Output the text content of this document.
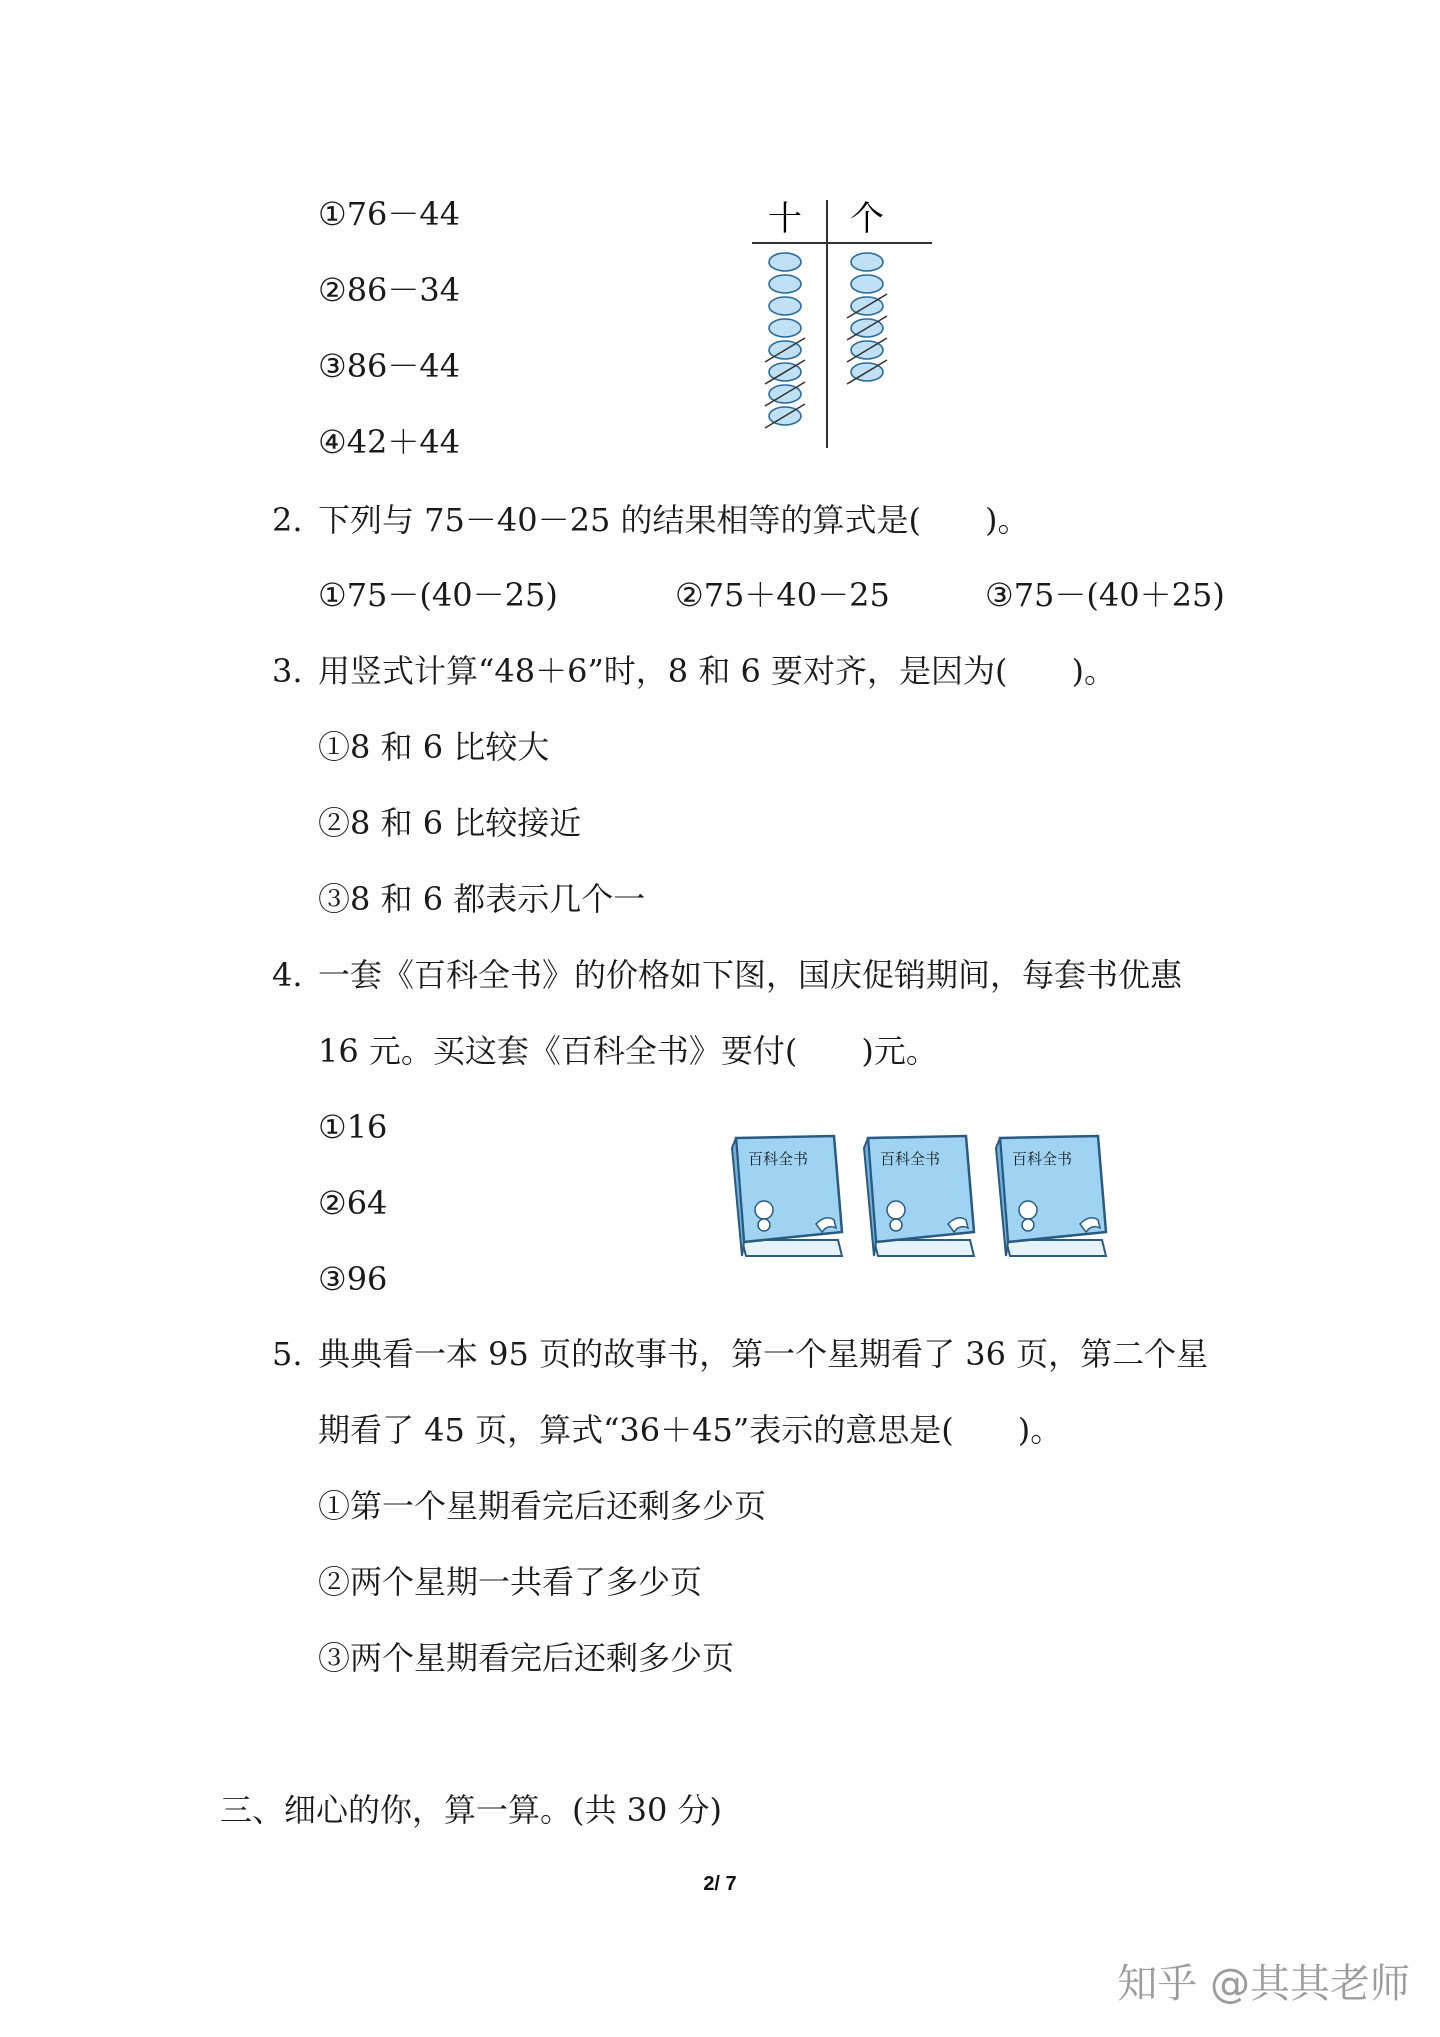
①76－44
②86－34
③86－44
④42＋44
十 个
2. 下列与 75－40－25 的结果相等的算式是(　　)。
①75－(40－25)	②75＋40－25	③75－(40＋25)
3. 用竖式计算“48＋6”时，8 和 6 要对齐，是因为(　　)。
①8 和 6 比较大
②8 和 6 比较接近
③8 和 6 都表示几个一
4. 一套《百科全书》的价格如下图，国庆促销期间，每套书优惠
16 元。买这套《百科全书》要付(　　)元。
①16
②64
③96
百科全书	百科全书	百科全书
5. 典典看一本 95 页的故事书，第一个星期看了 36 页，第二个星
期看了 45 页，算式“36＋45”表示的意思是(　　)。
①第一个星期看完后还剩多少页
②两个星期一共看了多少页
③两个星期看完后还剩多少页
三、细心的你，算一算。(共 30 分)
2/ 7
知乎 @其其老师
